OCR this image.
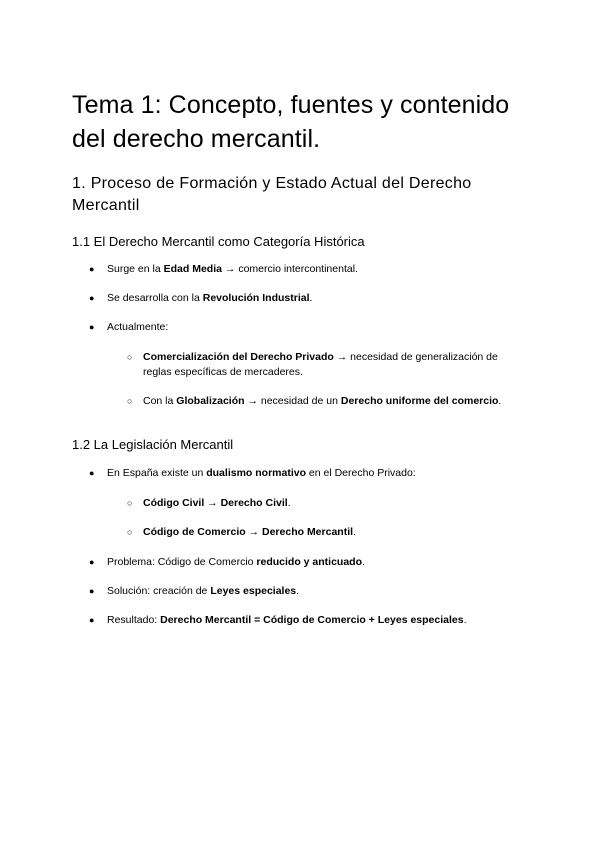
Tema 1: Concepto, fuentes y contenido del derecho mercantil.
1. Proceso de Formación y Estado Actual del Derecho Mercantil
1.1 El Derecho Mercantil como Categoría Histórica
● Surge en la Edad Media → comercio intercontinental.
● Se desarrolla con la Revolución Industrial.
● Actualmente:
○ Comercialización del Derecho Privado → necesidad de generalización de reglas específicas de mercaderes.
○ Con la Globalización → necesidad de un Derecho uniforme del comercio.
1.2 La Legislación Mercantil
● En España existe un dualismo normativo en el Derecho Privado:
○ Código Civil → Derecho Civil.
○ Código de Comercio → Derecho Mercantil.
● Problema: Código de Comercio reducido y anticuado.
● Solución: creación de Leyes especiales.
● Resultado: Derecho Mercantil = Código de Comercio + Leyes especiales.
